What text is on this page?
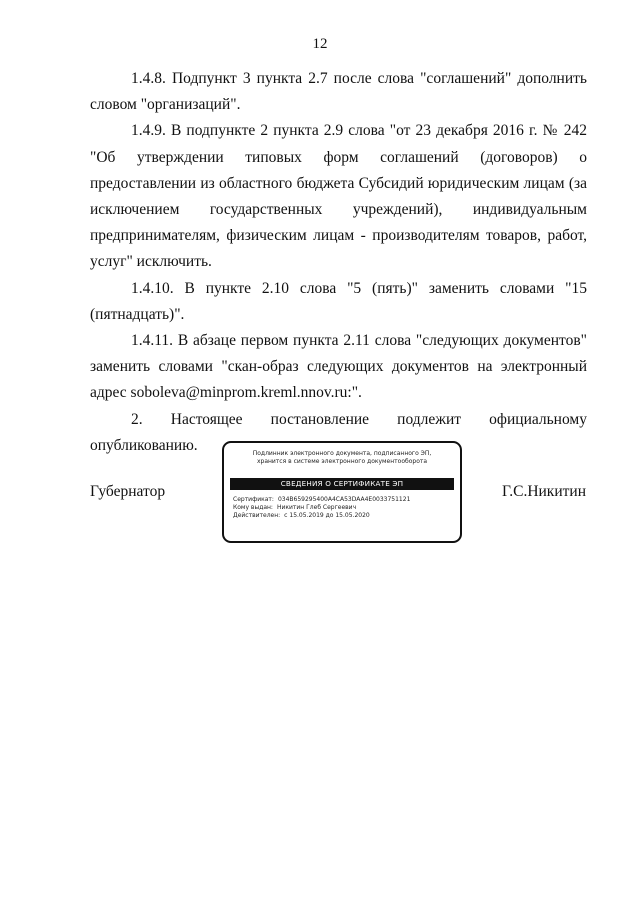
12

1.4.8. Подпункт 3 пункта 2.7 после слова "соглашений" дополнить словом "организаций".

1.4.9. В подпункте 2 пункта 2.9 слова "от 23 декабря 2016 г. № 242 "Об утверждении типовых форм соглашений (договоров) о предоставлении из областного бюджета Субсидий юридическим лицам (за исключением государственных учреждений), индивидуальным предпринимателям, физическим лицам - производителям товаров, работ, услуг" исключить.

1.4.10. В пункте 2.10 слова "5 (пять)" заменить словами "15 (пятнадцать)".

1.4.11. В абзаце первом пункта 2.11 слова "следующих документов" заменить словами "скан-образ следующих документов на электронный адрес soboleva@minprom.kreml.nnov.ru:".

2. Настоящее постановление подлежит официальному опубликованию.

Губернатор
Подлинник электронного документа, подписанного ЭП,
хранится в системе электронного документооборота
СВЕДЕНИЯ О СЕРТИФИКАТЕ ЭП
Сертификат: 034B659295400A4CA53DAA4E0033751121
Кому выдан: Никитин Глеб Сергеевич
Действителен: с 15.05.2019 до 15.05.2020
Г.С.Никитин
